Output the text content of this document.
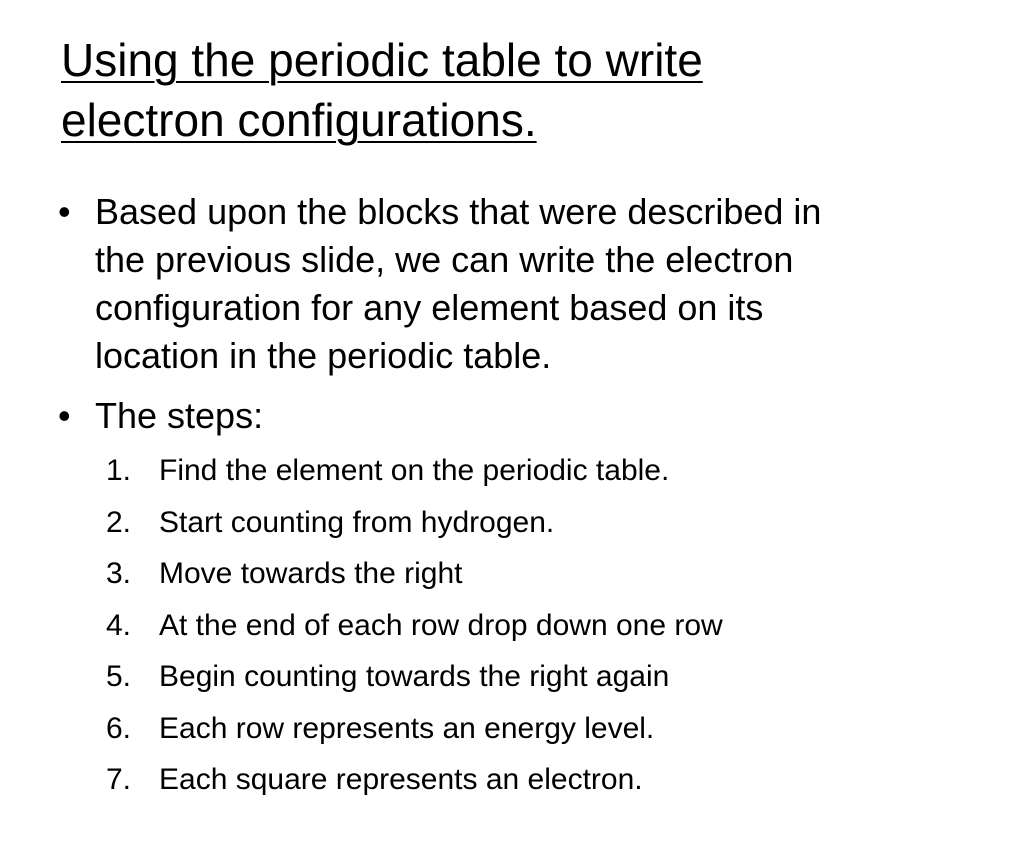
Using the periodic table to write
electron configurations.
• Based upon the blocks that were described in
the previous slide, we can write the electron
configuration for any element based on its
location in the periodic table.
• The steps:
1. Find the element on the periodic table.
2. Start counting from hydrogen.
3. Move towards the right
4. At the end of each row drop down one row
5. Begin counting towards the right again
6. Each row represents an energy level.
7. Each square represents an electron.
